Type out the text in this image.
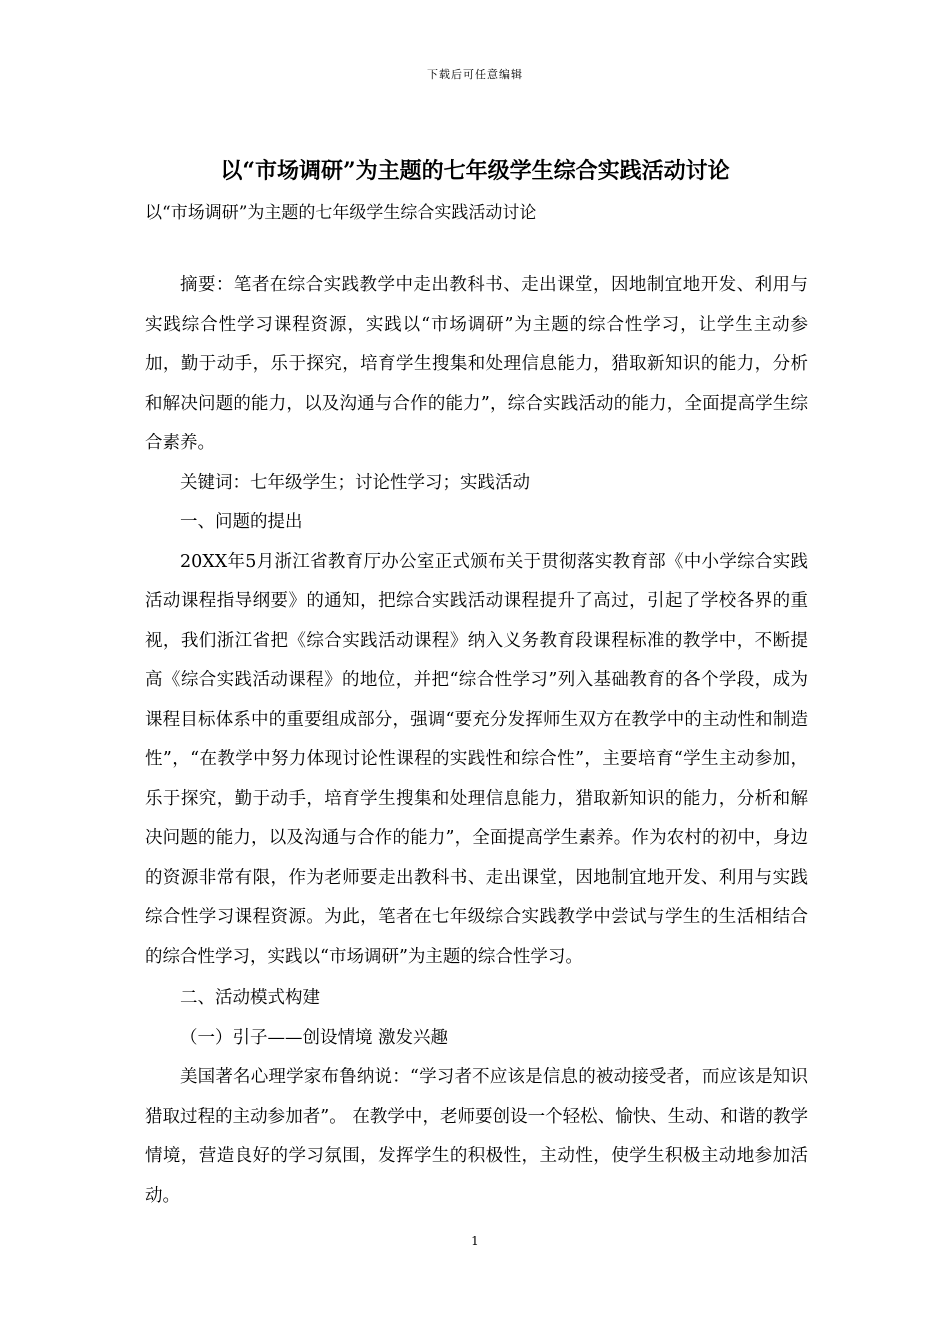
下载后可任意编辑
以“市场调研”为主题的七年级学生综合实践活动讨论

以“市场调研”为主题的七年级学生综合实践活动讨论

摘要：笔者在综合实践教学中走出教科书、走出课堂，因地制宜地开发、利用与实践综合性学习课程资源，实践以“市场调研”为主题的综合性学习，让学生主动参加，勤于动手，乐于探究，培育学生搜集和处理信息能力，猎取新知识的能力，分析和解决问题的能力，以及沟通与合作的能力”，综合实践活动的能力，全面提高学生综合素养。

关键词：七年级学生；讨论性学习；实践活动

一、问题的提出

20XX年5月浙江省教育厅办公室正式颁布关于贯彻落实教育部《中小学综合实践活动课程指导纲要》的通知，把综合实践活动课程提升了高过，引起了学校各界的重视，我们浙江省把《综合实践活动课程》纳入义务教育段课程标准的教学中，不断提高《综合实践活动课程》的地位，并把“综合性学习”列入基础教育的各个学段，成为课程目标体系中的重要组成部分，强调“要充分发挥师生双方在教学中的主动性和制造性”，“在教学中努力体现讨论性课程的实践性和综合性”，主要培育“学生主动参加，乐于探究，勤于动手，培育学生搜集和处理信息能力，猎取新知识的能力，分析和解决问题的能力，以及沟通与合作的能力”，全面提高学生素养。作为农村的初中，身边的资源非常有限，作为老师要走出教科书、走出课堂，因地制宜地开发、利用与实践综合性学习课程资源。为此，笔者在七年级综合实践教学中尝试与学生的生活相结合的综合性学习，实践以“市场调研”为主题的综合性学习。

二、活动模式构建

（一）引子——创设情境 激发兴趣

美国著名心理学家布鲁纳说：“学习者不应该是信息的被动接受者，而应该是知识猎取过程的主动参加者”。 在教学中，老师要创设一个轻松、愉快、生动、和谐的教学情境，营造良好的学习氛围，发挥学生的积极性，主动性，使学生积极主动地参加活动。

1
